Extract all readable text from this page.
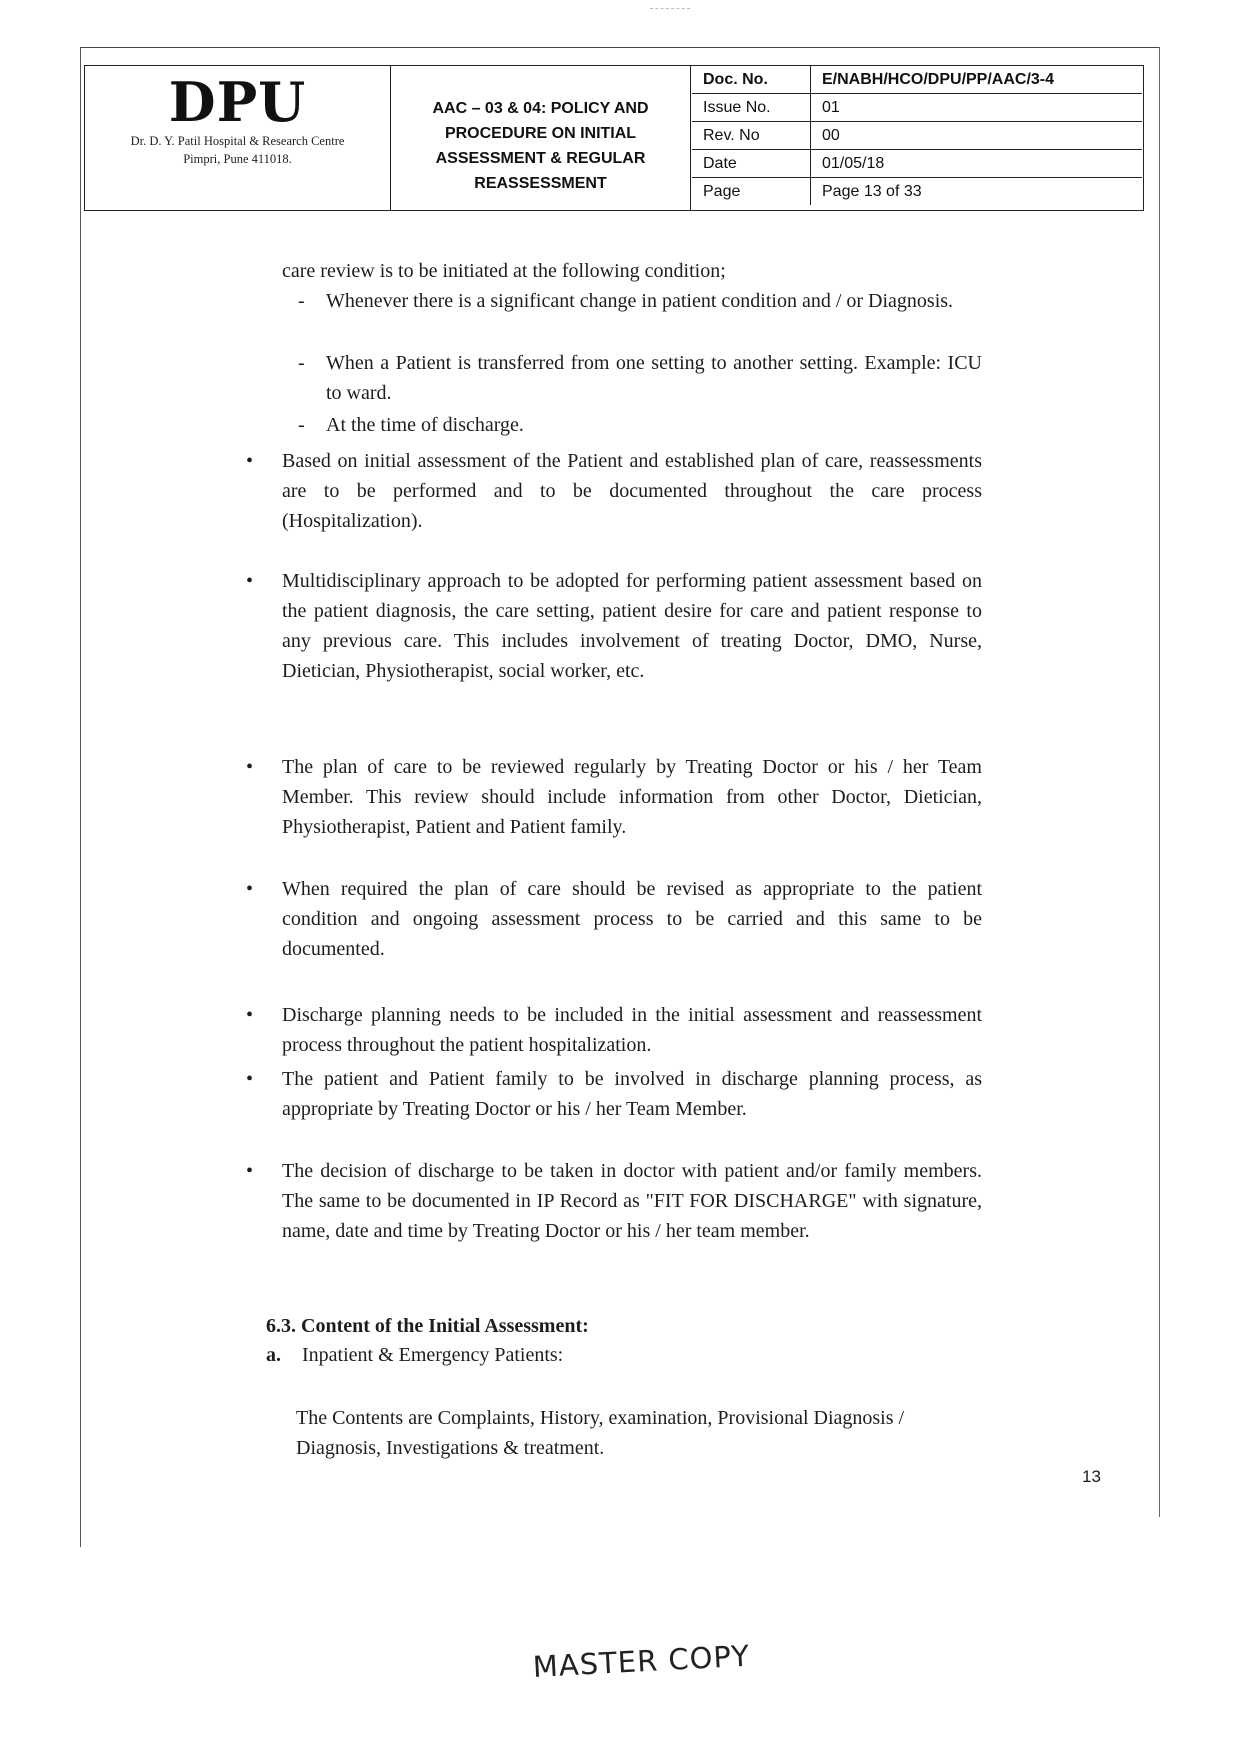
DPU
Dr. D. Y. Patil Hospital & Research Centre
Pimpri, Pune 411018.
AAC – 03 & 04: POLICY AND
PROCEDURE ON INITIAL
ASSESSMENT & REGULAR
REASSESSMENT
Doc. No.	E/NABH/HCO/DPU/PP/AAC/3-4
Issue No.	01
Rev. No	00
Date	01/05/18
Page	Page 13 of 33
care review is to be initiated at the following condition;
- Whenever there is a significant change in patient condition and / or Diagnosis.
- When a Patient is transferred from one setting to another setting. Example: ICU to ward.
- At the time of discharge.
• Based on initial assessment of the Patient and established plan of care, reassessments are to be performed and to be documented throughout the care process (Hospitalization).
• Multidisciplinary approach to be adopted for performing patient assessment based on the patient diagnosis, the care setting, patient desire for care and patient response to any previous care. This includes involvement of treating Doctor, DMO, Nurse, Dietician, Physiotherapist, social worker, etc.
• The plan of care to be reviewed regularly by Treating Doctor or his / her Team Member. This review should include information from other Doctor, Dietician, Physiotherapist, Patient and Patient family.
• When required the plan of care should be revised as appropriate to the patient condition and ongoing assessment process to be carried and this same to be documented.
• Discharge planning needs to be included in the initial assessment and reassessment process throughout the patient hospitalization.
• The patient and Patient family to be involved in discharge planning process, as appropriate by Treating Doctor or his / her Team Member.
• The decision of discharge to be taken in doctor with patient and/or family members. The same to be documented in IP Record as "FIT FOR DISCHARGE" with signature, name, date and time by Treating Doctor or his / her team member.
6.3. Content of the Initial Assessment:
a. Inpatient & Emergency Patients:
The Contents are Complaints, History, examination, Provisional Diagnosis / Diagnosis, Investigations & treatment.
13
MASTER COPY
